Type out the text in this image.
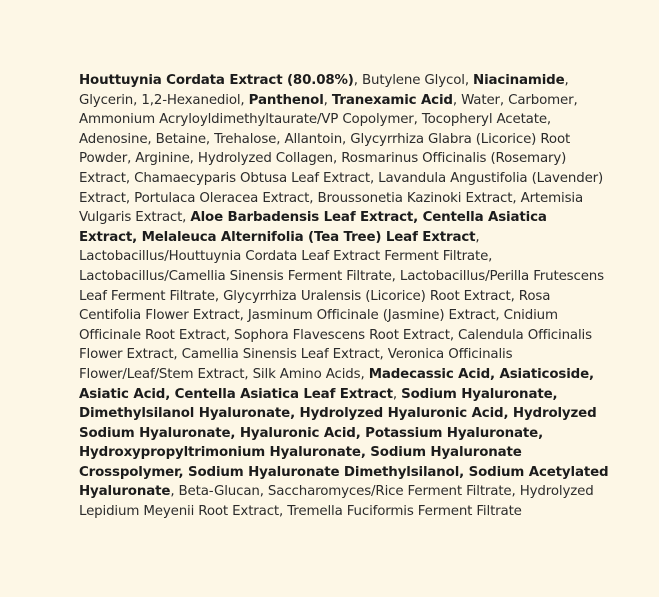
Houttuynia Cordata Extract (80.08%), Butylene Glycol, Niacinamide, Glycerin, 1,2-Hexanediol, Panthenol, Tranexamic Acid, Water, Carbomer, Ammonium Acryloyldimethyltaurate/VP Copolymer, Tocopheryl Acetate, Adenosine, Betaine, Trehalose, Allantoin, Glycyrrhiza Glabra (Licorice) Root Powder, Arginine, Hydrolyzed Collagen, Rosmarinus Officinalis (Rosemary) Extract, Chamaecyparis Obtusa Leaf Extract, Lavandula Angustifolia (Lavender) Extract, Portulaca Oleracea Extract, Broussonetia Kazinoki Extract, Artemisia Vulgaris Extract, Aloe Barbadensis Leaf Extract, Centella Asiatica Extract, Melaleuca Alternifolia (Tea Tree) Leaf Extract, Lactobacillus/Houttuynia Cordata Leaf Extract Ferment Filtrate, Lactobacillus/Camellia Sinensis Ferment Filtrate, Lactobacillus/Perilla Frutescens Leaf Ferment Filtrate, Glycyrrhiza Uralensis (Licorice) Root Extract, Rosa Centifolia Flower Extract, Jasminum Officinale (Jasmine) Extract, Cnidium Officinale Root Extract, Sophora Flavescens Root Extract, Calendula Officinalis Flower Extract, Camellia Sinensis Leaf Extract, Veronica Officinalis Flower/Leaf/Stem Extract, Silk Amino Acids, Madecassic Acid, Asiaticoside, Asiatic Acid, Centella Asiatica Leaf Extract, Sodium Hyaluronate, Dimethylsilanol Hyaluronate, Hydrolyzed Hyaluronic Acid, Hydrolyzed Sodium Hyaluronate, Hyaluronic Acid, Potassium Hyaluronate, Hydroxypropyltrimonium Hyaluronate, Sodium Hyaluronate Crosspolymer, Sodium Hyaluronate Dimethylsilanol, Sodium Acetylated Hyaluronate, Beta-Glucan, Saccharomyces/Rice Ferment Filtrate, Hydrolyzed Lepidium Meyenii Root Extract, Tremella Fuciformis Ferment Filtrate
